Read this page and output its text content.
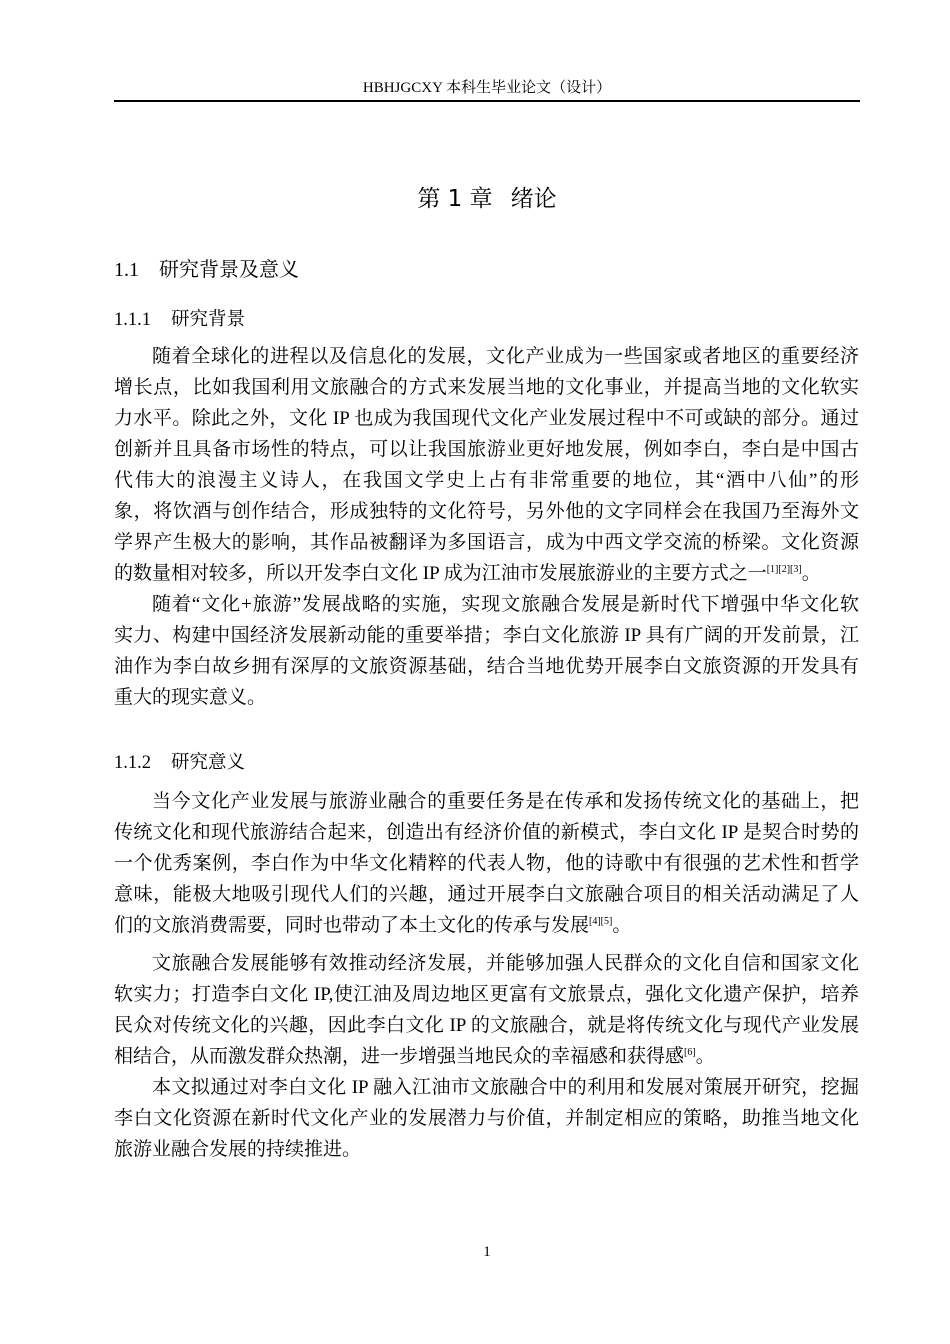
HBHJGCXY 本科生毕业论文（设计）
第 1 章 绪论
1.1 研究背景及意义
1.1.1 研究背景
随着全球化的进程以及信息化的发展，文化产业成为一些国家或者地区的重要经济
增长点，比如我国利用文旅融合的方式来发展当地的文化事业，并提高当地的文化软实
力水平。除此之外，文化 IP 也成为我国现代文化产业发展过程中不可或缺的部分。通过
创新并且具备市场性的特点，可以让我国旅游业更好地发展，例如李白，李白是中国古
代伟大的浪漫主义诗人，在我国文学史上占有非常重要的地位，其“酒中八仙”的形
象，将饮酒与创作结合，形成独特的文化符号，另外他的文字同样会在我国乃至海外文
学界产生极大的影响，其作品被翻译为多国语言，成为中西文学交流的桥梁。文化资源
的数量相对较多，所以开发李白文化 IP 成为江油市发展旅游业的主要方式之一[1][2][3]。
随着“文化+旅游”发展战略的实施，实现文旅融合发展是新时代下增强中华文化软
实力、构建中国经济发展新动能的重要举措；李白文化旅游 IP 具有广阔的开发前景，江
油作为李白故乡拥有深厚的文旅资源基础，结合当地优势开展李白文旅资源的开发具有
重大的现实意义。
1.1.2 研究意义
当今文化产业发展与旅游业融合的重要任务是在传承和发扬传统文化的基础上，把
传统文化和现代旅游结合起来，创造出有经济价值的新模式，李白文化 IP 是契合时势的
一个优秀案例，李白作为中华文化精粹的代表人物，他的诗歌中有很强的艺术性和哲学
意味，能极大地吸引现代人们的兴趣，通过开展李白文旅融合项目的相关活动满足了人
们的文旅消费需要，同时也带动了本土文化的传承与发展[4][5]。
文旅融合发展能够有效推动经济发展，并能够加强人民群众的文化自信和国家文化
软实力；打造李白文化 IP,使江油及周边地区更富有文旅景点，强化文化遗产保护，培养
民众对传统文化的兴趣，因此李白文化 IP 的文旅融合，就是将传统文化与现代产业发展
相结合，从而激发群众热潮，进一步增强当地民众的幸福感和获得感[6]。
本文拟通过对李白文化 IP 融入江油市文旅融合中的利用和发展对策展开研究，挖掘
李白文化资源在新时代文化产业的发展潜力与价值，并制定相应的策略，助推当地文化
旅游业融合发展的持续推进。
1
